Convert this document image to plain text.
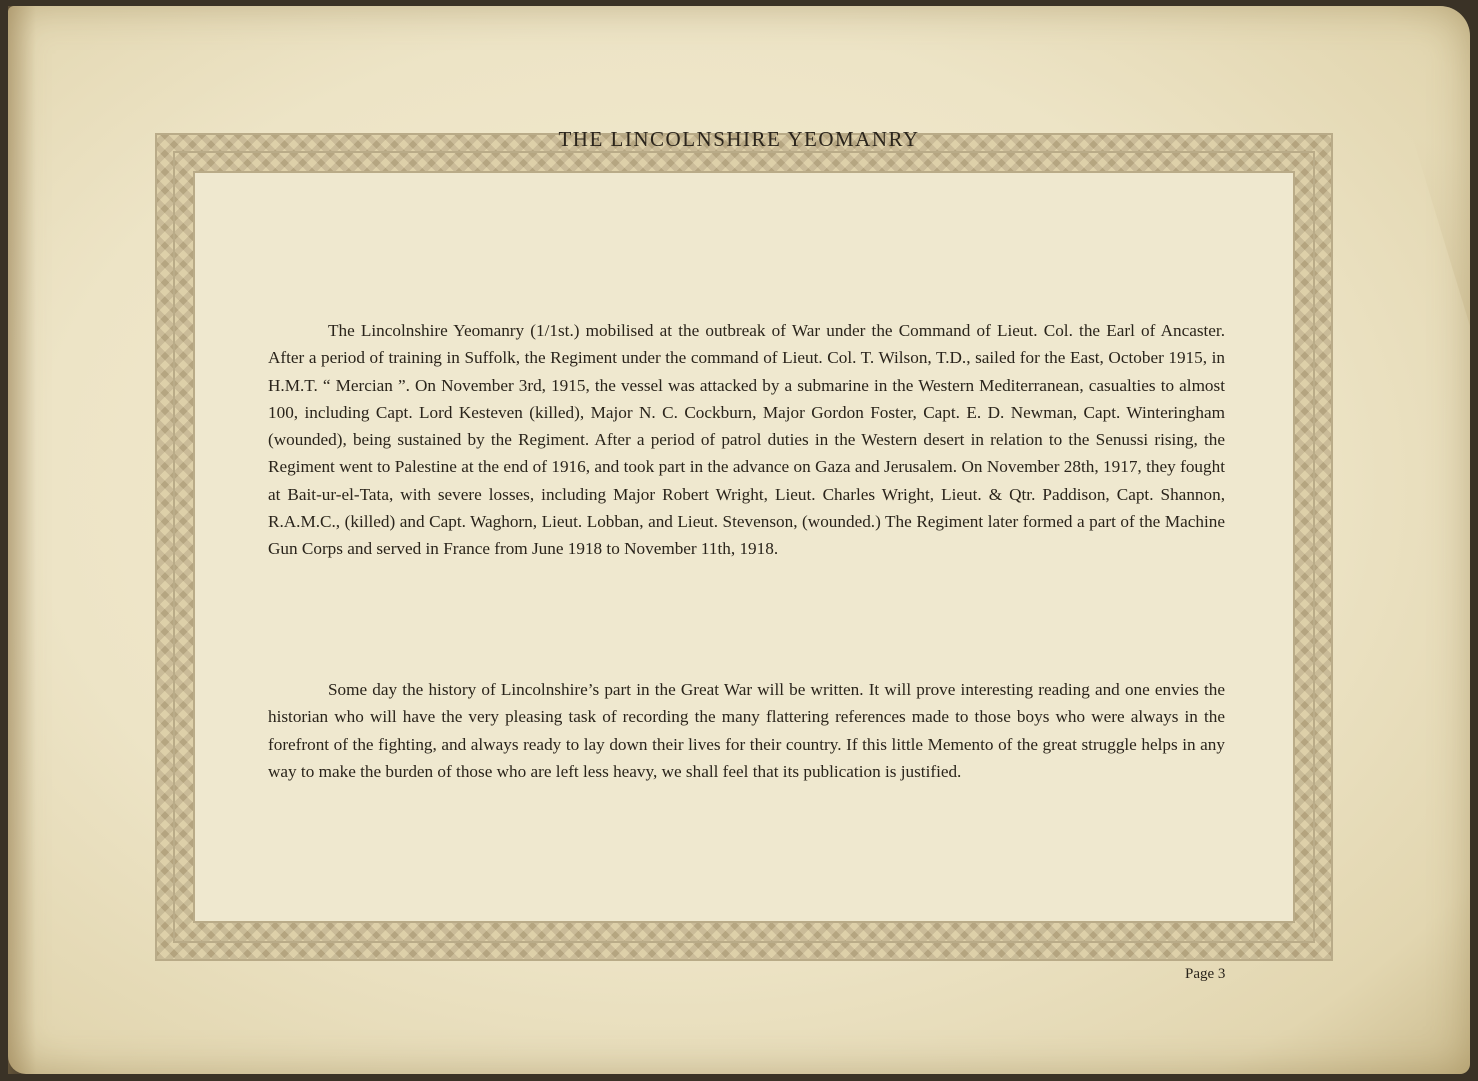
THE LINCOLNSHIRE YEOMANRY

The Lincolnshire Yeomanry (1/1st.) mobilised at the outbreak of War under the Command of Lieut. Col. the Earl of Ancaster. After a period of training in Suffolk, the Regiment under the command of Lieut. Col. T. Wilson, T.D., sailed for the East, October 1915, in H.M.T. “ Mercian ”. On November 3rd, 1915, the vessel was attacked by a submarine in the Western Mediterranean, casualties to almost 100, including Capt. Lord Kesteven (killed), Major N. C. Cockburn, Major Gordon Foster, Capt. E. D. Newman, Capt. Winteringham (wounded), being sustained by the Regiment. After a period of patrol duties in the Western desert in relation to the Senussi rising, the Regiment went to Palestine at the end of 1916, and took part in the advance on Gaza and Jerusalem. On November 28th, 1917, they fought at Bait-ur-el-Tata, with severe losses, including Major Robert Wright, Lieut. Charles Wright, Lieut. & Qtr. Paddison, Capt. Shannon, R.A.M.C., (killed) and Capt. Waghorn, Lieut. Lobban, and Lieut. Stevenson, (wounded.) The Regiment later formed a part of the Machine Gun Corps and served in France from June 1918 to November 11th, 1918.

Some day the history of Lincolnshire’s part in the Great War will be written. It will prove interesting reading and one envies the historian who will have the very pleasing task of recording the many flattering references made to those boys who were always in the forefront of the fighting, and always ready to lay down their lives for their country. If this little Memento of the great struggle helps in any way to make the burden of those who are left less heavy, we shall feel that its publication is justified.

Page 3
